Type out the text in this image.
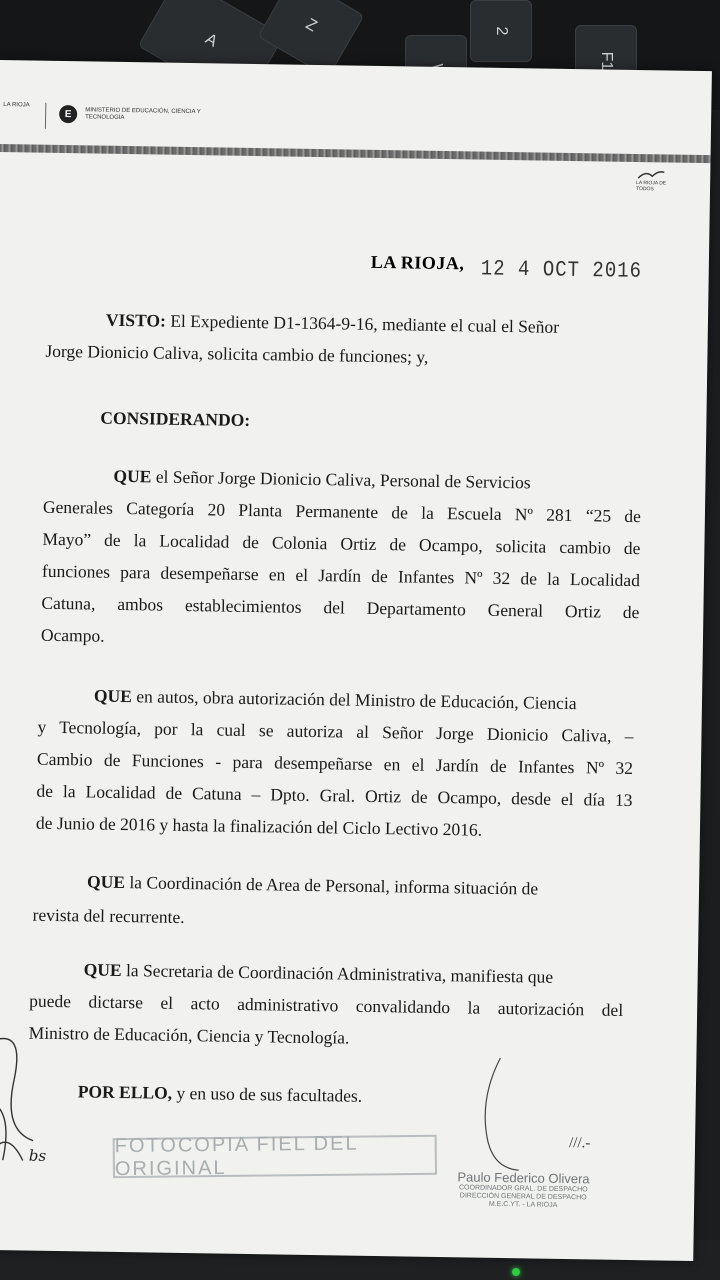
A
Z	2
F1
LA RIOJA
E	MINISTERIO DE EDUCACIÓN, CIENCIA Y TECNOLOGÍA
LA RIOJA DE TODOS
LA RIOJA, 12 4 OCT 2016
VISTO: El Expediente D1-1364-9-16, mediante el cual el Señor
Jorge Dionicio Caliva, solicita cambio de funciones; y,
CONSIDERANDO:
QUE el Señor Jorge Dionicio Caliva, Personal de Servicios
Generales Categoría 20 Planta Permanente de la Escuela Nº 281 “25 de
Mayo” de la Localidad de Colonia Ortiz de Ocampo, solicita cambio de
funciones para desempeñarse en el Jardín de Infantes Nº 32 de la Localidad
Catuna, ambos establecimientos del Departamento General Ortiz de
Ocampo.
QUE en autos, obra autorización del Ministro de Educación, Ciencia
y Tecnología, por la cual se autoriza al Señor Jorge Dionicio Caliva, –
Cambio de Funciones - para desempeñarse en el Jardín de Infantes Nº 32
de la Localidad de Catuna – Dpto. Gral. Ortiz de Ocampo, desde el día 13
de Junio de 2016 y hasta la finalización del Ciclo Lectivo 2016.
QUE la Coordinación de Area de Personal, informa situación de
revista del recurrente.
QUE la Secretaria de Coordinación Administrativa, manifiesta que
puede dictarse el acto administrativo convalidando la autorización del
Ministro de Educación, Ciencia y Tecnología.
POR ELLO, y en uso de sus facultades.
///.-
FOTOCOPIA FIEL DEL ORIGINAL
bs
Paulo Federico Olivera
COORDINADOR GRAL. DE DESPACHO
DIRECCIÓN GENERAL DE DESPACHO
M.E.C.YT. - LA RIOJA
